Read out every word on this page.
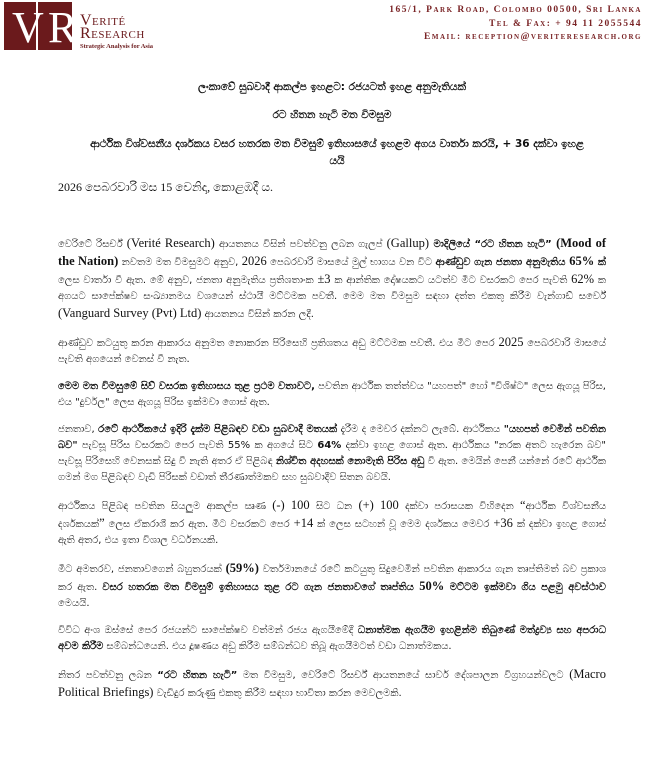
V R Verité
Research
Strategic Analysis for Asia
165/1, Park Road, Colombo 00500, Sri Lanka
Tel & Fax: + 94 11 2055544
Email: reception@veriteresearch.org
ලංකාවේ සුබවාදී ආකල්ප ඉහළට: රජයටත් ඉහළ අනුමැතියක්
රට හිතන හැටි මත විමසුම
ආර්ථික විශ්වසනීය දර්ශකය වසර හතරක මත විමසුම් ඉතිහාසයේ ඉහළම අගය වාර්තා කරයි, + 36 දක්වා ඉහළ යයි
2026 පෙබරවාරි මස 15 වෙනිදා, කොළඹදී ය.

වෙරිටේ රිසර්ච් (Verité Research) ආයතනය විසින් පවත්වනු ලබන ගැලප් (Gallup) මාදිලියේ “රට හිතන හැටි” (Mood of the Nation) නවතම මත විමසුමට අනුව, 2026 පෙබරවාරි මාසයේ මුල් භාගය වන විට ආණ්ඩුව ගැන ජනතා අනුමැතිය 65% ක් ලෙස වාර්තා වී ඇත. මේ අනුව, ජනතා අනුමැතිය ප්‍රතිශතාංක ±3 ක ආන්තික දෝෂයකට යටත්ව මීට වසරකට පෙර පැවති 62% ක අගයට සාපේක්ෂව සංඛ්‍යානමය වශයෙන් ස්ථායී මට්ටමක පවතී. මෙම මත විමසුම සඳහා දත්ත එකතු කිරීම වැන්ගාඩ් සර්වේ (Vanguard Survey (Pvt) Ltd) ආයතනය විසින් කරන ලදී.

ආණ්ඩුව කටයුතු කරන ආකාරය අනුමත නොකරන පිරිසෙහි ප්‍රතිශතය අඩු මට්ටමක පවතී. එය මීට පෙර 2025 පෙබරවාරි මාසයේ පැවති අගයෙන් වෙනස් වී නැත.

මෙම මත විමසුමේ සිව් වසරක ඉතිහාසය තුළ ප්‍රථම වතාවට, පවතින ආර්ථික තත්ත්වය "යහපත්" හෝ "විශිෂ්ට" ලෙස ඇගයූ පිරිස, එය "දුර්වල" ලෙස ඇගයූ පිරිස ඉක්මවා ගොස් ඇත.

ජනතාව, රටේ ආර්ථිකයේ ඉදිරි දැක්ම පිළිබඳව වඩා සුබවාදී මතයක් දැරීම ද මෙවර දක්නට ලැබේ. ආර්ථිකය "යහපත් වෙමින් පවතින බව" පැවසූ පිරිස වසරකට පෙර පැවති 55% ක අගයේ සිට 64% දක්වා ඉහළ ගොස් ඇත. ආර්ථිකය "නරක අතට හැරෙන බව" පැවසූ පිරිසෙහි වෙනසක් සිදු වී නැති අතර ඒ පිළිබඳ නිශ්චිත අදහසක් නොමැති පිරිස අඩු වී ඇත. මෙයින් පෙනී යන්නේ රටේ ආර්ථික ගමන් මග පිළිබඳව වැඩි පිරිසක් වඩාත් තීරණාත්මකව සහ සුබවාදීව සිතන බවයි.

ආර්ථිකය පිළිබඳ පවතින සියලුම ආකල්ප ඍණ (-) 100 සිට ධන (+) 100 දක්වා පරාසයක විහිදෙන “ආර්ථික විශ්වසනීය දර්ශකයක්” ලෙස ඒකරාශී කර ඇත. මීට වසරකට පෙර +14 ක් ලෙස සටහන් වූ මෙම දර්ශකය මෙවර +36 ක් දක්වා ඉහළ ගොස් ඇති අතර, එය ඉතා විශාල වර්ධනයකි.

මීට අමතරව, ජනතාවගෙන් බහුතරයක් (59%) වර්තමානයේ රටේ කටයුතු සිදුවෙමින් පවතින ආකාරය ගැන තෘප්තිමත් බව ප්‍රකාශ කර ඇත. වසර හතරක මත විමසුම් ඉතිහාසය තුළ රට ගැන ජනතාවගේ තෘප්තිය 50% මට්ටම ඉක්මවා ගිය පළමු අවස්ථාව මෙයයි.

විවිධ අංශ ඔස්සේ පෙර රජයන්ට සාපේක්ෂව වත්මන් රජය ඇගයීමේදී ධනාත්මක ඇගයීම ඉහළින්ම තිබුණේ මත්ද්‍රව්‍ය සහ අපරාධ අවම කිරීම සම්බන්ධයෙනි. එය දූෂණය අඩු කිරීම සම්බන්ධව තිබූ ඇගයීමටත් වඩා ධනාත්මකය.

නිතර පවත්වනු ලබන “රට හිතන හැටි” මත විමසුම, වෙරිටේ රිසර්ච් ආයතනයේ සාර්ව දේශපාලන විග්‍රහයන්වලට (Macro Political Briefings) වැඩිදුර කරුණු එකතු කිරීම සඳහා භාවිතා කරන මෙවලමකි.
